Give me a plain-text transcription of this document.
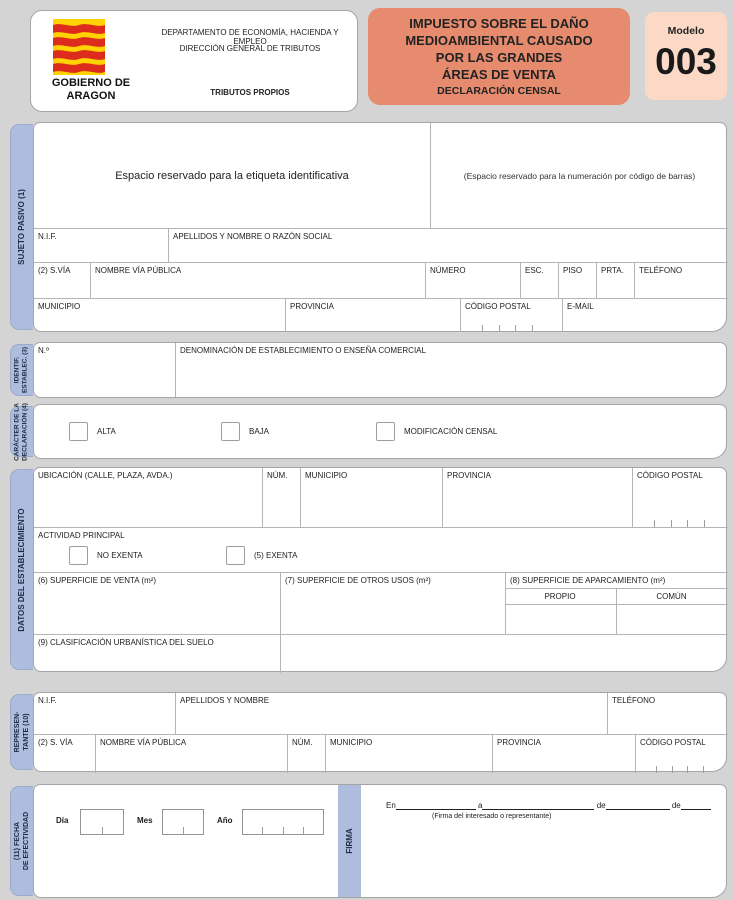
GOBIERNO DE
ARAGON
DEPARTAMENTO DE ECONOMÍA, HACIENDA Y EMPLEO
DIRECCIÓN GENERAL DE TRIBUTOS
TRIBUTOS PROPIOS
IMPUESTO SOBRE EL DAÑO
MEDIOAMBIENTAL CAUSADO
POR LAS GRANDES
ÁREAS DE VENTA
DECLARACIÓN CENSAL
Modelo
003
SUJETO PASIVO (1)
Espacio reservado para la etiqueta identificativa	(Espacio reservado para la numeración por código de barras)
N.I.F.	APELLIDOS Y NOMBRE O RAZÓN SOCIAL
(2) S.VÍA	NOMBRE VÍA PÚBLICA	NÚMERO	ESC.	PISO	PRTA.	TELÉFONO
MUNICIPIO	PROVINCIA	CÓDIGO POSTAL	E-MAIL
IDENTIF. ESTABLEC. (3)	N.º	DENOMINACIÓN DE ESTABLECIMIENTO O ENSEÑA COMERCIAL
CARÁCTER DE LA DECLARACIÓN (4)	ALTA	BAJA	MODIFICACIÓN CENSAL
DATOS DEL ESTABLECIMIENTO
UBICACIÓN (CALLE, PLAZA, AVDA.)	NÚM.	MUNICIPIO	PROVINCIA	CÓDIGO POSTAL
ACTIVIDAD PRINCIPAL
NO EXENTA	(5) EXENTA
(6) SUPERFICIE DE VENTA (m²)	(7) SUPERFICIE DE OTROS USOS (m²)	(8) SUPERFICIE DE APARCAMIENTO (m²)
PROPIO	COMÚN
(9) CLASIFICACIÓN URBANÍSTICA DEL SUELO
REPRESEN- TANTE (10)
N.I.F.	APELLIDOS Y NOMBRE	TELÉFONO
(2) S. VÍA	NOMBRE VÍA PÚBLICA	NÚM.	MUNICIPIO	PROVINCIA	CÓDIGO POSTAL
(11) FECHA DE EFECTIVIDAD	Día	Mes	Año
FIRMA
En	a	de	de
(Firma del interesado o representante)
